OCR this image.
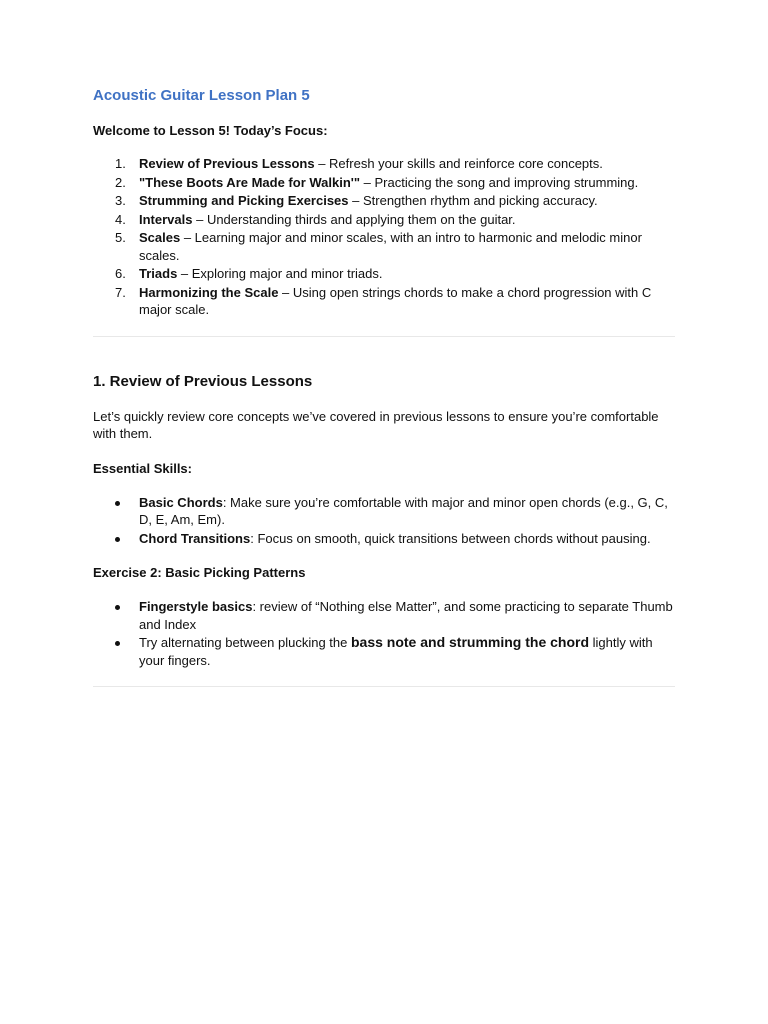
Acoustic Guitar Lesson Plan 5

Welcome to Lesson 5! Today’s Focus:

1.	Review of Previous Lessons – Refresh your skills and reinforce core concepts.
2.	"These Boots Are Made for Walkin'" – Practicing the song and improving strumming.
3.	Strumming and Picking Exercises – Strengthen rhythm and picking accuracy.
4.	Intervals – Understanding thirds and applying them on the guitar.
5.	Scales – Learning major and minor scales, with an intro to harmonic and melodic minor scales.
6.	Triads – Exploring major and minor triads.
7.	Harmonizing the Scale – Using open strings chords to make a chord progression with C major scale.
1. Review of Previous Lessons

Let’s quickly review core concepts we’ve covered in previous lessons to ensure you’re comfortable with them.

Essential Skills:

Basic Chords: Make sure you’re comfortable with major and minor open chords (e.g., G, C, D, E, Am, Em).
Chord Transitions: Focus on smooth, quick transitions between chords without pausing.

Exercise 2: Basic Picking Patterns

Fingerstyle basics: review of “Nothing else Matter”, and some practicing to separate Thumb and Index
Try alternating between plucking the bass note and strumming the chord lightly with your fingers.
